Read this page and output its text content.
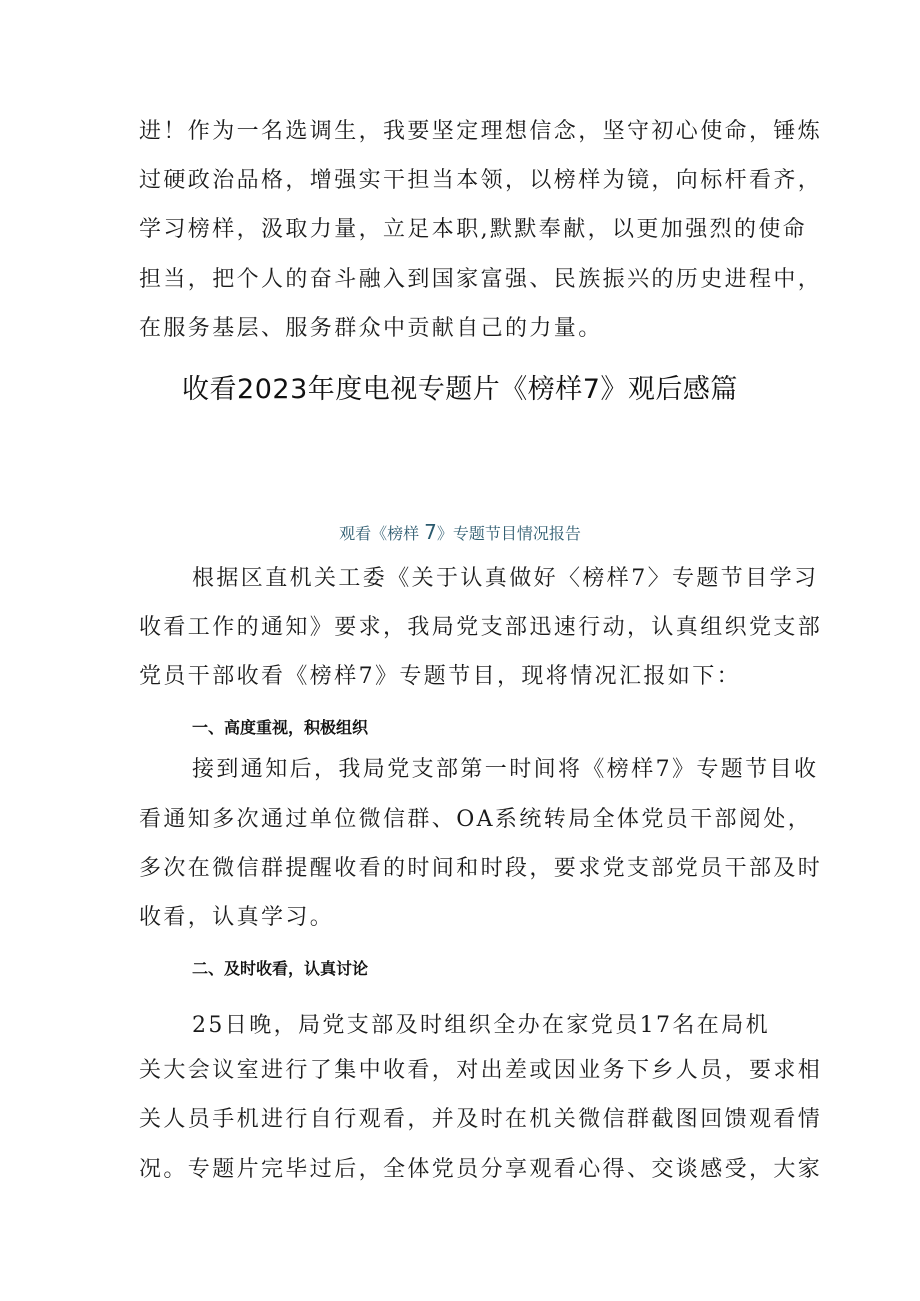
进！作为一名选调生，我要坚定理想信念，坚守初心使命，锤炼
过硬政治品格，增强实干担当本领，以榜样为镜，向标杆看齐，
学习榜样，汲取力量，立足本职,默默奉献，以更加强烈的使命
担当，把个人的奋斗融入到国家富强、民族振兴的历史进程中，
在服务基层、服务群众中贡献自己的力量。
收看2023年度电视专题片《榜样7》观后感篇
观看《榜样 7》专题节目情况报告
根据区直机关工委《关于认真做好〈榜样7〉专题节目学习
收看工作的通知》要求，我局党支部迅速行动，认真组织党支部
党员干部收看《榜样7》专题节目，现将情况汇报如下：
一、高度重视，积极组织
接到通知后，我局党支部第一时间将《榜样7》专题节目收
看通知多次通过单位微信群、OA系统转局全体党员干部阅处，
多次在微信群提醒收看的时间和时段，要求党支部党员干部及时
收看，认真学习。
二、及时收看，认真讨论
25日晚，局党支部及时组织全办在家党员17名在局机
关大会议室进行了集中收看，对出差或因业务下乡人员，要求相
关人员手机进行自行观看，并及时在机关微信群截图回馈观看情
况。专题片完毕过后，全体党员分享观看心得、交谈感受，大家
